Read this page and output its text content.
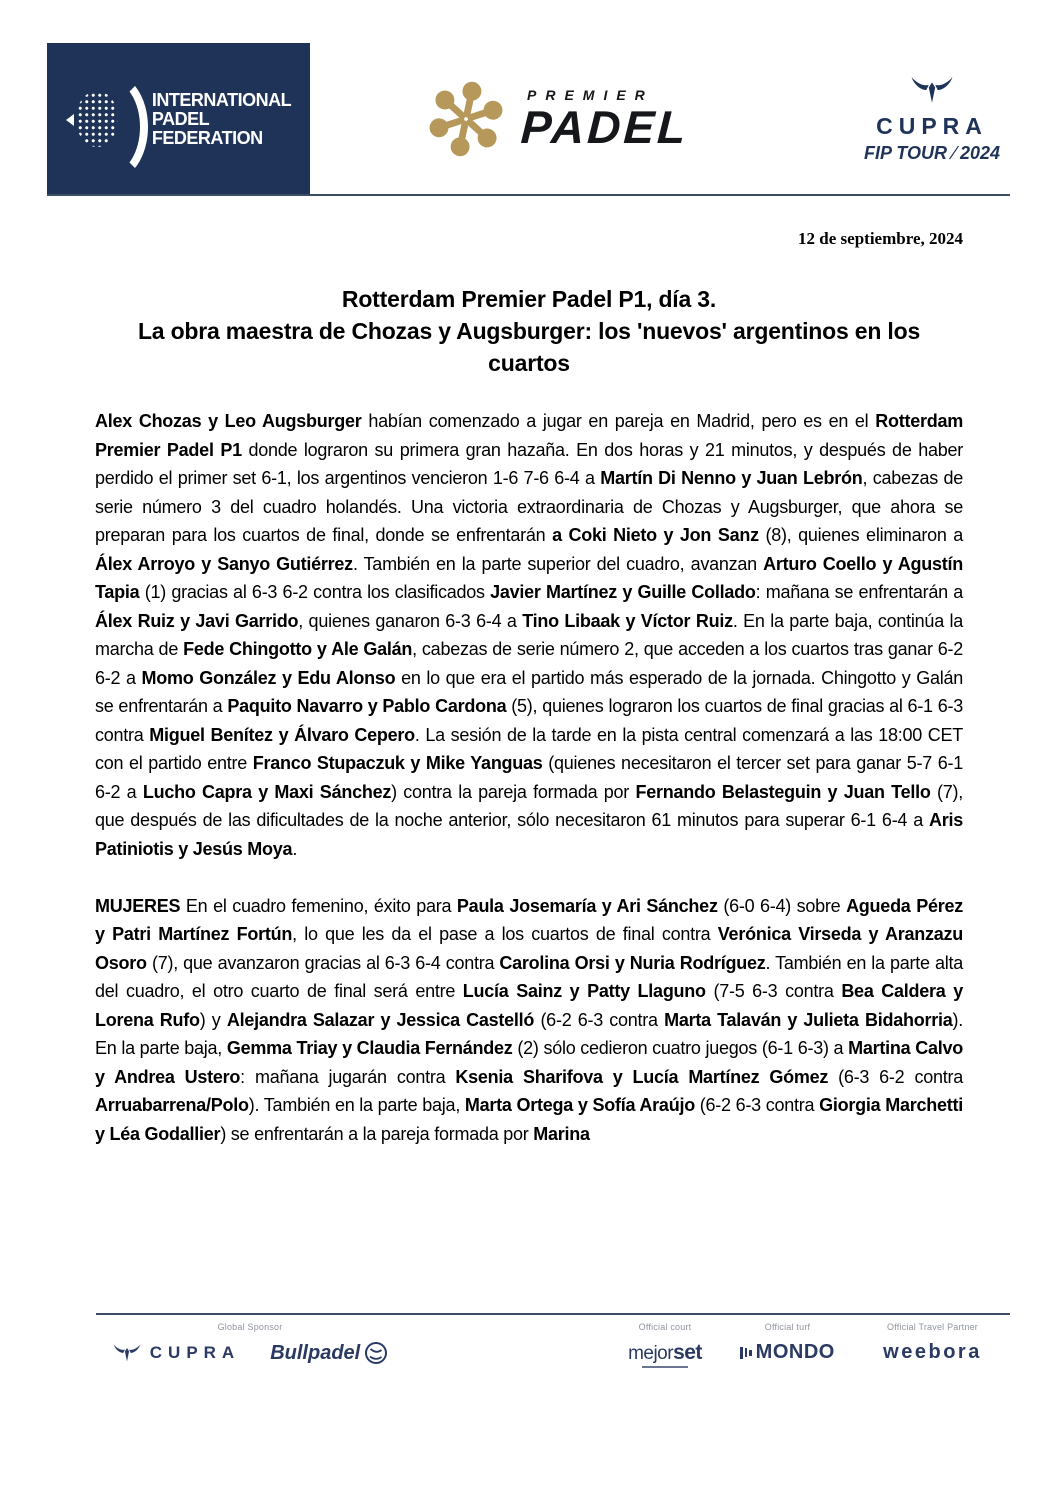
INTERNATIONAL
PADEL
FEDERATION
PREMIER
PADEL	CUPRA
FIP TOUR /2024
12 de septiembre, 2024
Rotterdam Premier Padel P1, día 3.
La obra maestra de Chozas y Augsburger: los 'nuevos' argentinos en los cuartos

Alex Chozas y Leo Augsburger habían comenzado a jugar en pareja en Madrid, pero es en el Rotterdam Premier Padel P1 donde lograron su primera gran hazaña. En dos horas y 21 minutos, y después de haber perdido el primer set 6-1, los argentinos vencieron 1-6 7-6 6-4 a Martín Di Nenno y Juan Lebrón, cabezas de serie número 3 del cuadro holandés. Una victoria extraordinaria de Chozas y Augsburger, que ahora se preparan para los cuartos de final, donde se enfrentarán a Coki Nieto y Jon Sanz (8), quienes eliminaron a Álex Arroyo y Sanyo Gutiérrez. También en la parte superior del cuadro, avanzan Arturo Coello y Agustín Tapia (1) gracias al 6-3 6-2 contra los clasificados Javier Martínez y Guille Collado: mañana se enfrentarán a Álex Ruiz y Javi Garrido, quienes ganaron 6-3 6-4 a Tino Libaak y Víctor Ruiz. En la parte baja, continúa la marcha de Fede Chingotto y Ale Galán, cabezas de serie número 2, que acceden a los cuartos tras ganar 6-2 6-2 a Momo González y Edu Alonso en lo que era el partido más esperado de la jornada. Chingotto y Galán se enfrentarán a Paquito Navarro y Pablo Cardona (5), quienes lograron los cuartos de final gracias al 6-1 6-3 contra Miguel Benítez y Álvaro Cepero. La sesión de la tarde en la pista central comenzará a las 18:00 CET con el partido entre Franco Stupaczuk y Mike Yanguas (quienes necesitaron el tercer set para ganar 5-7 6-1 6-2 a Lucho Capra y Maxi Sánchez) contra la pareja formada por Fernando Belasteguin y Juan Tello (7), que después de las dificultades de la noche anterior, sólo necesitaron 61 minutos para superar 6-1 6-4 a Aris Patiniotis y Jesús Moya.

MUJERES En el cuadro femenino, éxito para Paula Josemaría y Ari Sánchez (6-0 6-4) sobre Agueda Pérez y Patri Martínez Fortún, lo que les da el pase a los cuartos de final contra Verónica Virseda y Aranzazu Osoro (7), que avanzaron gracias al 6-3 6-4 contra Carolina Orsi y Nuria Rodríguez. También en la parte alta del cuadro, el otro cuarto de final será entre Lucía Sainz y Patty Llaguno (7-5 6-3 contra Bea Caldera y Lorena Rufo) y Alejandra Salazar y Jessica Castelló (6-2 6-3 contra Marta Talaván y Julieta Bidahorria). En la parte baja, Gemma Triay y Claudia Fernández (2) sólo cedieron cuatro juegos (6-1 6-3) a Martina Calvo y Andrea Ustero: mañana jugarán contra Ksenia Sharifova y Lucía Martínez Gómez (6-3 6-2 contra Arruabarrena/Polo). También en la parte baja, Marta Ortega y Sofía Araújo (6-2 6-3 contra Giorgia Marchetti y Léa Godallier) se enfrentarán a la pareja formada por Marina

Global Sponsor
CUPRA Bullpadel
Official court
mejor set
Official turf
MONDO
Official Travel Partner
weebora
